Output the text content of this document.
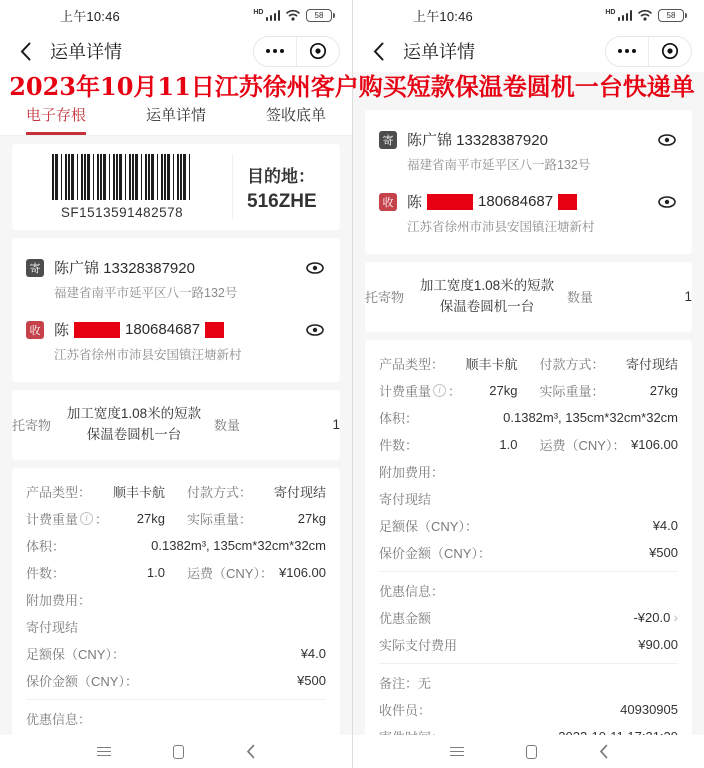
上午10:46	HD	58
运单详情
电子存根	运单详情	签收底单
SF1513591482578
目的地：
516ZHE
寄 陈广锦 13328387920
福建省南平市延平区八一路132号
收 陈	180684687
江苏省徐州市沛县安国镇汪塘新村
托寄物
加工宽度1.08米的短款保温卷圆机一台
数量	1
产品类型： 顺丰卡航 付款方式： 寄付现结
计费重量 i ： 27kg 实际重量：	27kg
体积：	0.1382m³, 135cm*32cm*32cm
件数：	1.0 运费（CNY）： ¥106.00
附加费用：
寄付现结
足额保（CNY）：	¥4.0
保价金额（CNY）：	¥500
优惠信息：
›
上午10:46	HD	58
运单详情
寄 陈广锦 13328387920
福建省南平市延平区八一路132号
收 陈	180684687
江苏省徐州市沛县安国镇汪塘新村
托寄物
加工宽度1.08米的短款保温卷圆机一台
数量	1
产品类型： 顺丰卡航 付款方式： 寄付现结
计费重量 i ： 27kg 实际重量：	27kg
体积：	0.1382m³, 135cm*32cm*32cm
件数：	1.0 运费（CNY）： ¥106.00
附加费用：
寄付现结
足额保（CNY）：	¥4.0
保价金额（CNY）：	¥500
优惠信息：
优惠金额	-¥20.0
›
实际支付费用	¥90.00
备注：无
收件员：	40930905
2023年10月11日江苏徐州客户购买短款保温卷圆机一台快递单
